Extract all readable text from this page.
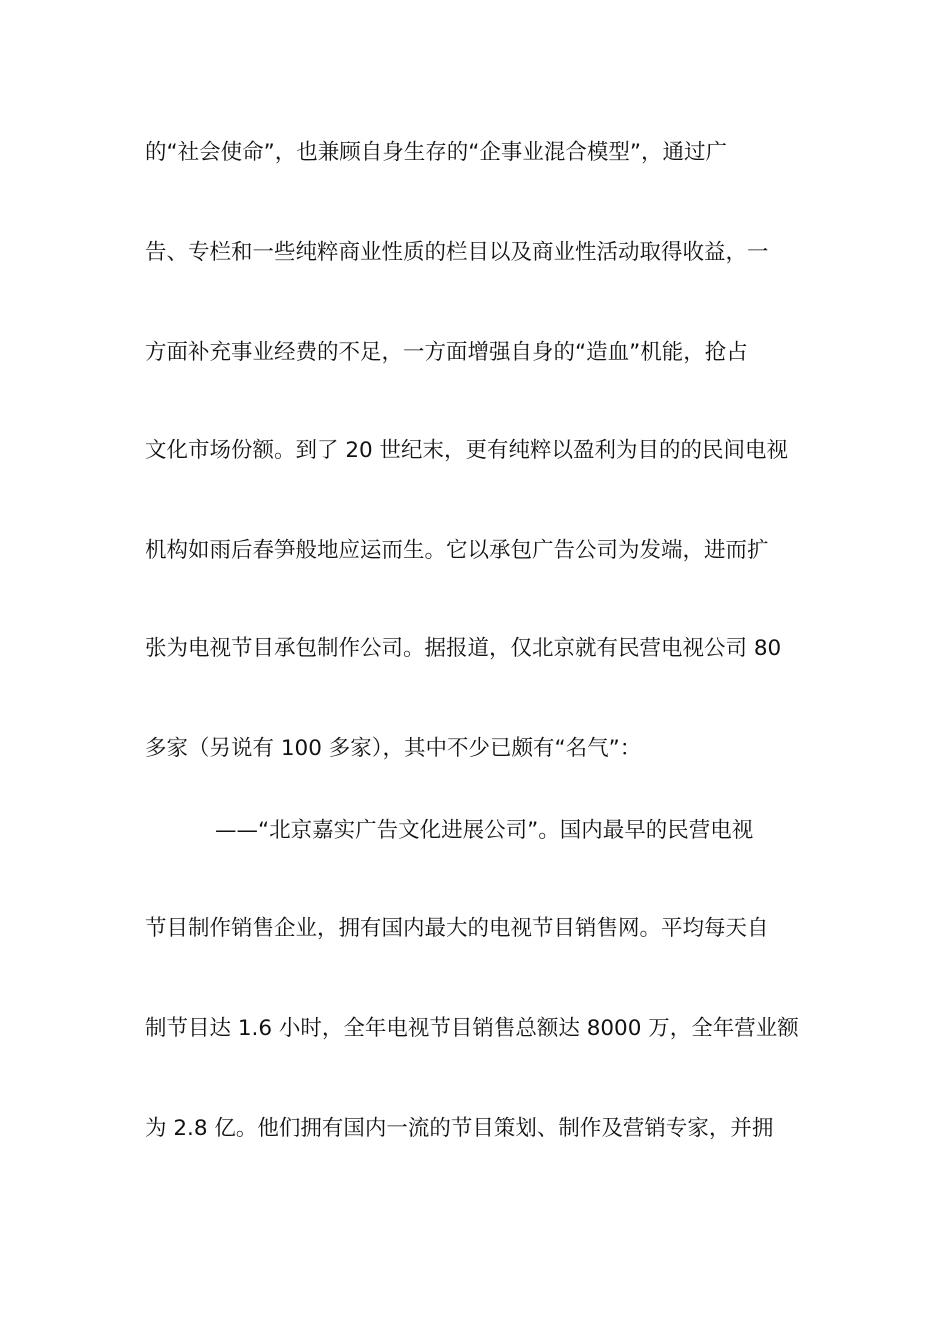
的“社会使命”，也兼顾自身生存的“企事业混合模型”，通过广
告、专栏和一些纯粹商业性质的栏目以及商业性活动取得收益，一
方面补充事业经费的不足，一方面增强自身的“造血”机能，抢占
文化市场份额。到了 20 世纪末，更有纯粹以盈利为目的的民间电视
机构如雨后春笋般地应运而生。它以承包广告公司为发端，进而扩
张为电视节目承包制作公司。据报道，仅北京就有民营电视公司 80
多家（另说有 100 多家），其中不少已颇有“名气”：
——“北京嘉实广告文化进展公司”。国内最早的民营电视
节目制作销售企业，拥有国内最大的电视节目销售网。平均每天自
制节目达 1.6 小时，全年电视节目销售总额达 8000 万，全年营业额
为 2.8 亿。他们拥有国内一流的节目策划、制作及营销专家，并拥
